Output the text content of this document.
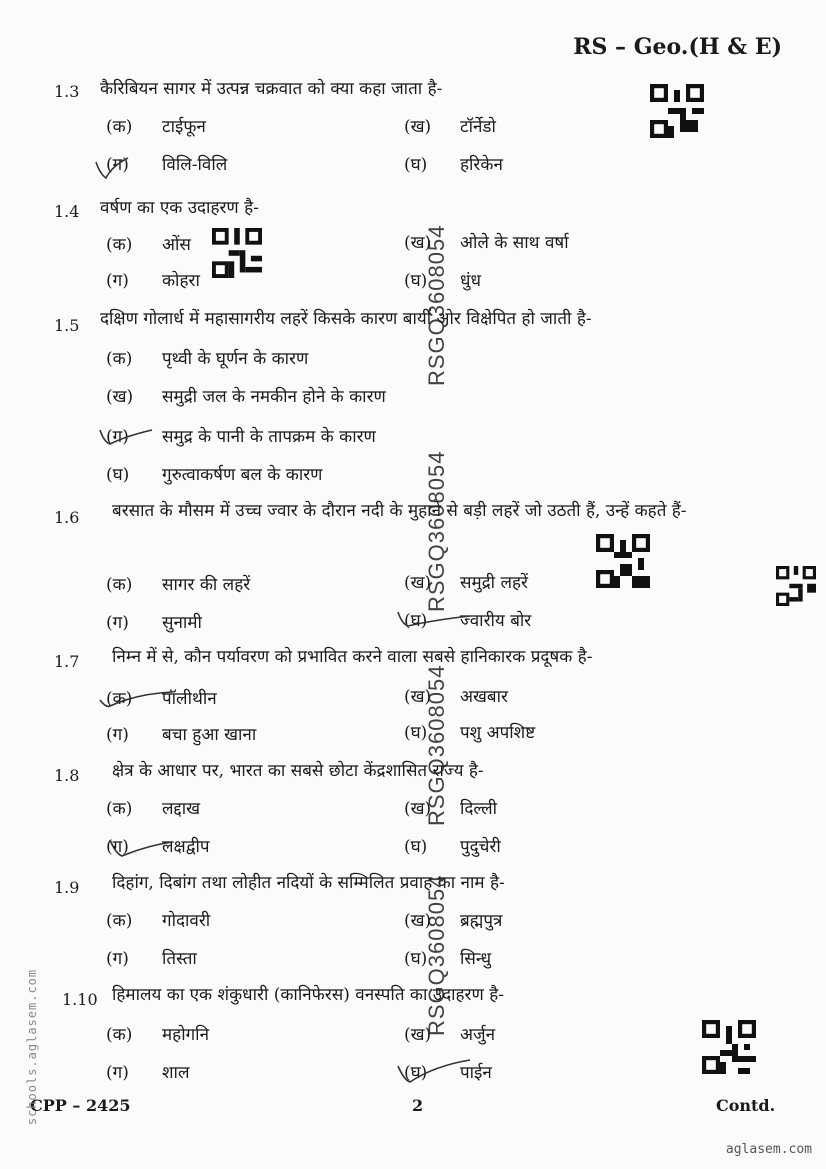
RS – Geo.(H & E)
1.3 कैरिबियन सागर में उत्पन्न चक्रवात को क्या कहा जाता है-
(क) टाईफून	(ख) टॉर्नेडो
(ग) विलि-विलि	(घ) हरिकेन
1.4 वर्षण का एक उदाहरण है-
(क) ओंस	(ख) ओले के साथ वर्षा
(ग) कोहरा	(घ) धुंध
1.5 दक्षिण गोलार्ध में महासागरीय लहरें किसके कारण बायीं ओर विक्षेपित हो जाती है-
(क) पृथ्वी के घूर्णन के कारण
(ख) समुद्री जल के नमकीन होने के कारण
(ग) समुद्र के पानी के तापक्रम के कारण
(घ) गुरुत्वाकर्षण बल के कारण
1.6 बरसात के मौसम में उच्च ज्वार के दौरान नदी के मुहाने से बड़ी लहरें जो उठती हैं, उन्हें कहते हैं-
(क) सागर की लहरें	(ख) समुद्री लहरें
(ग) सुनामी	(घ) ज्वारीय बोर
1.7 निम्न में से, कौन पर्यावरण को प्रभावित करने वाला सबसे हानिकारक प्रदूषक है-
(क) पॉलीथीन	(ख) अखबार
(ग) बचा हुआ खाना	(घ) पशु अपशिष्ट
1.8 क्षेत्र के आधार पर, भारत का सबसे छोटा केंद्रशासित राज्य है-
(क) लद्दाख	(ख) दिल्ली
(ग) लक्षद्वीप	(घ) पुदुचेरी
1.9 दिहांग, दिबांग तथा लोहीत नदियों के सम्मिलित प्रवाह का नाम है-
(क) गोदावरी	(ख) ब्रह्मपुत्र
(ग) तिस्ता	(घ) सिन्धु
1.10 हिमालय का एक शंकुधारी (कानिफेरस) वनस्पति का उदाहरण है-
(क) महोगनि	(ख) अर्जुन
(ग) शाल	(घ) पाईन
RSGQ3608054
RSGQ3608054
RSGQ3608054
RSGQ3608054
CPP – 2425	2	Contd.
schools.aglasem.com
aglasem.com
